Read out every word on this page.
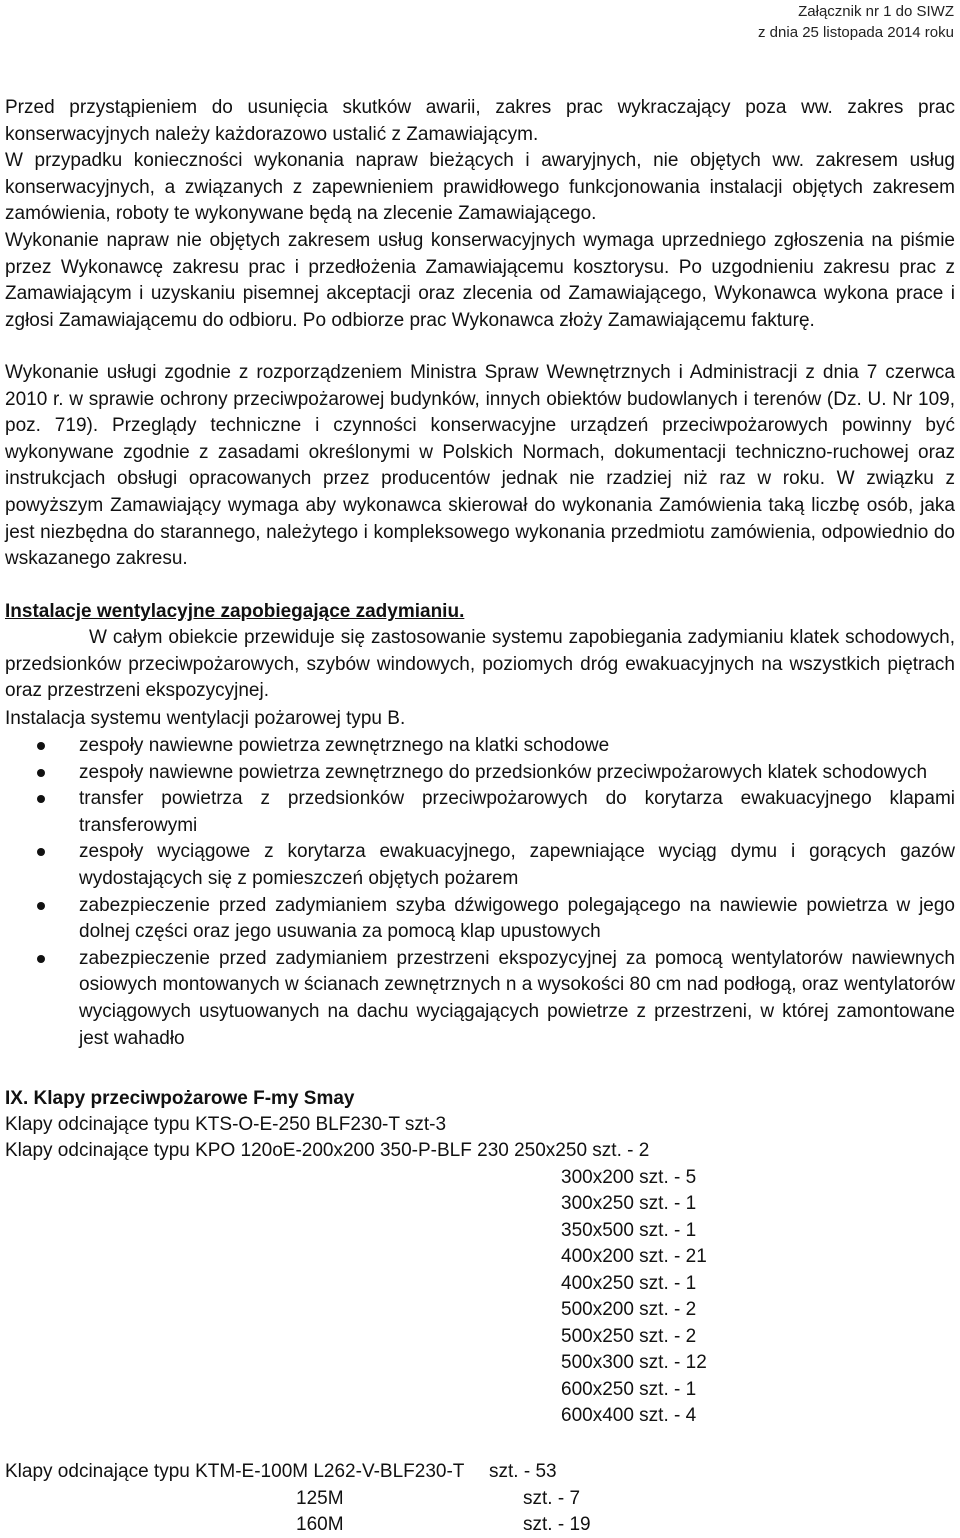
Załącznik nr 1 do SIWZ
z dnia 25 listopada 2014 roku

Przed przystąpieniem do usunięcia skutków awarii, zakres prac wykraczający poza ww. zakres prac konserwacyjnych należy każdorazowo ustalić z Zamawiającym.

W przypadku konieczności wykonania napraw bieżących i awaryjnych, nie objętych ww. zakresem usług konserwacyjnych, a związanych z zapewnieniem prawidłowego funkcjonowania instalacji objętych zakresem zamówienia, roboty te wykonywane będą na zlecenie Zamawiającego.

Wykonanie napraw nie objętych zakresem usług konserwacyjnych wymaga uprzedniego zgłoszenia na piśmie przez Wykonawcę zakresu prac i przedłożenia Zamawiającemu kosztorysu. Po uzgodnieniu zakresu prac z Zamawiającym i uzyskaniu pisemnej akceptacji oraz zlecenia od Zamawiającego, Wykonawca wykona prace i zgłosi Zamawiającemu do odbioru. Po odbiorze prac Wykonawca złoży Zamawiającemu fakturę.

Wykonanie usługi zgodnie z rozporządzeniem Ministra Spraw Wewnętrznych i Administracji z dnia 7 czerwca 2010 r. w sprawie ochrony przeciwpożarowej budynków, innych obiektów budowlanych i terenów (Dz. U. Nr 109, poz. 719). Przeglądy techniczne i czynności konserwacyjne urządzeń przeciwpożarowych powinny być wykonywane zgodnie z zasadami określonymi w Polskich Normach, dokumentacji techniczno-ruchowej oraz instrukcjach obsługi opracowanych przez producentów jednak nie rzadziej niż raz w roku. W związku z powyższym Zamawiający wymaga aby wykonawca skierował do wykonania Zamówienia taką liczbę osób, jaka jest niezbędna do starannego, należytego i kompleksowego wykonania przedmiotu zamówienia, odpowiednio do wskazanego zakresu.

Instalacje wentylacyjne zapobiegające zadymianiu.

W całym obiekcie przewiduje się zastosowanie systemu zapobiegania zadymianiu klatek schodowych, przedsionków przeciwpożarowych, szybów windowych, poziomych dróg ewakuacyjnych na wszystkich piętrach oraz przestrzeni ekspozycyjnej.

Instalacja systemu wentylacji pożarowej typu B.
zespoły nawiewne powietrza zewnętrznego na klatki schodowe
zespoły nawiewne powietrza zewnętrznego do przedsionków przeciwpożarowych klatek schodowych
transfer powietrza z przedsionków przeciwpożarowych do korytarza ewakuacyjnego klapami transferowymi
zespoły wyciągowe z korytarza ewakuacyjnego, zapewniające wyciąg dymu i gorących gazów wydostających się z pomieszczeń objętych pożarem
zabezpieczenie przed zadymianiem szyba dźwigowego polegającego na nawiewie powietrza w jego dolnej części oraz jego usuwania za pomocą klap upustowych
zabezpieczenie przed zadymianiem przestrzeni ekspozycyjnej za pomocą wentylatorów nawiewnych osiowych montowanych w ścianach zewnętrznych n a wysokości 80 cm nad podłogą, oraz wentylatorów wyciągowych usytuowanych na dachu wyciągających powietrze z przestrzeni, w której zamontowane jest wahadło
IX. Klapy przeciwpożarowe F-my Smay
Klapy odcinające typu KTS-O-E-250 BLF230-T szt-3
Klapy odcinające typu KPO 120oE-200x200 350-P-BLF 230 250x250 szt. - 2
300x200 szt. - 5
300x250 szt. - 1
350x500 szt. - 1
400x200 szt. - 21
400x250 szt. - 1
500x200 szt. - 2
500x250 szt. - 2
500x300 szt. - 12
600x250 szt. - 1
600x400 szt. - 4
Klapy odcinające typu KTM-E-100M L262-V-BLF230-T szt. - 53
125M	szt. - 7
160M	szt. - 19
